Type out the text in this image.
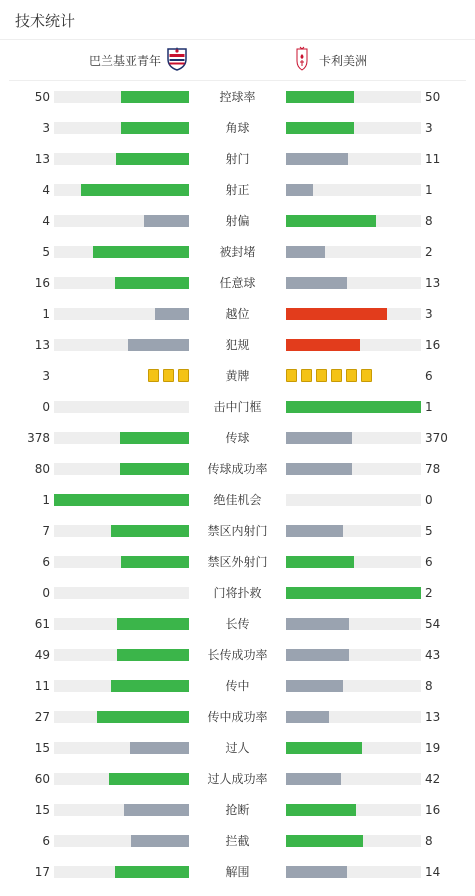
技术统计
巴兰基亚青年	卡利美洲
50	控球率	50
3	角球	3
13	射门	11
4	射正	1
4	射偏	8
5	被封堵	2
16	任意球	13
1	越位	3
13	犯规	16
3	黄牌	6
0	击中门框	1
378	传球	370
80	传球成功率	78
1	绝佳机会	0
7	禁区内射门	5
6	禁区外射门	6
0	门将扑救	2
61	长传	54
49	长传成功率	43
11	传中	8
27	传中成功率	13
15	过人	19
60	过人成功率	42
15	抢断	16
6	拦截	8
17	解围	14
